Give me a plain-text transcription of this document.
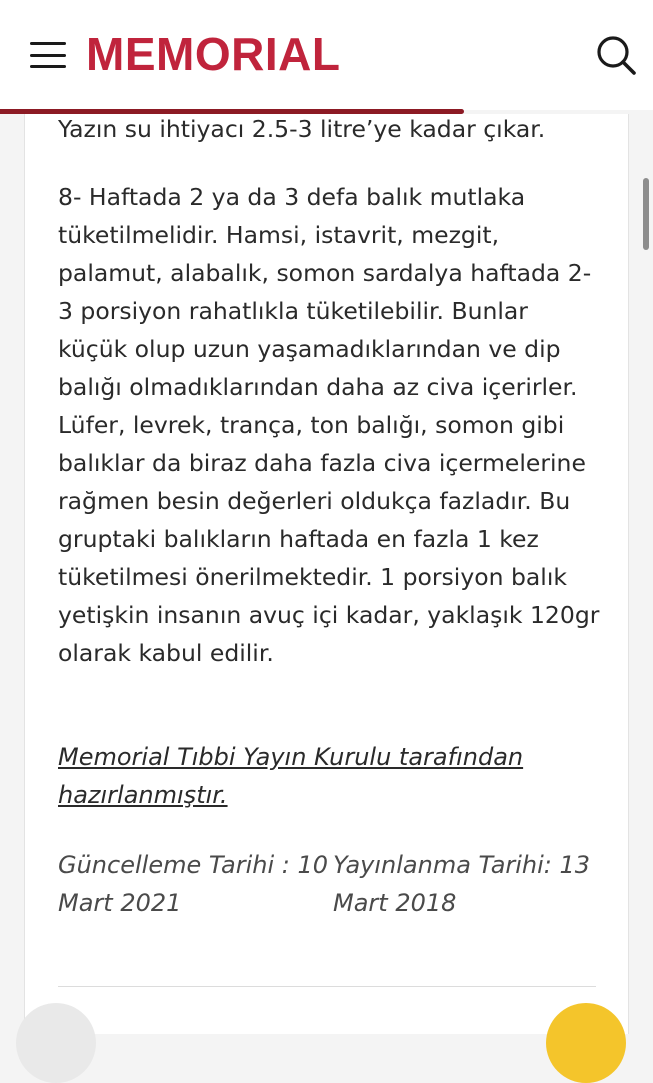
MEMORIAL
Yazın su ihtiyacı 2.5-3 litre’ye kadar çıkar.
8- Haftada 2 ya da 3 defa balık mutlaka tüketilmelidir. Hamsi, istavrit, mezgit, palamut, alabalık, somon sardalya haftada 2-3 porsiyon rahatlıkla tüketilebilir. Bunlar küçük olup uzun yaşamadıklarından ve dip balığı olmadıklarından daha az civa içerirler. Lüfer, levrek, trança, ton balığı, somon gibi balıklar da biraz daha fazla civa içermelerine rağmen besin değerleri oldukça fazladır. Bu gruptaki balıkların haftada en fazla 1 kez tüketilmesi önerilmektedir. 1 porsiyon balık yetişkin insanın avuç içi kadar, yaklaşık 120gr olarak kabul edilir.
Memorial Tıbbi Yayın Kurulu tarafından hazırlanmıştır.
Güncelleme Tarihi : 10 Mart 2021
Yayınlanma Tarihi: 13 Mart 2018
